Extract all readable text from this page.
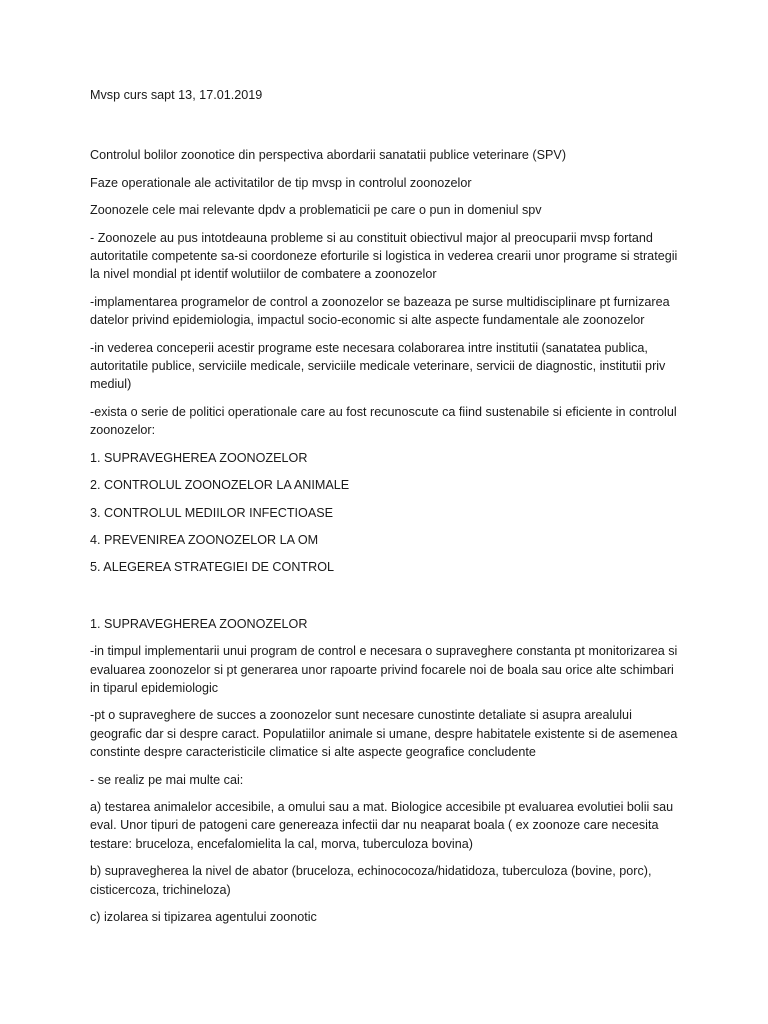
Mvsp curs sapt 13, 17.01.2019

Controlul bolilor zoonotice din perspectiva abordarii sanatatii publice veterinare (SPV)

Faze operationale ale activitatilor de tip mvsp in controlul zoonozelor

Zoonozele cele mai relevante dpdv a problematicii pe care o pun in domeniul spv

- Zoonozele au pus intotdeauna probleme si au constituit obiectivul major al preocuparii mvsp fortand autoritatile competente sa-si coordoneze eforturile si logistica in vederea crearii unor programe si strategii la nivel mondial pt identif wolutiilor de combatere a zoonozelor

-implamentarea programelor de control a zoonozelor se bazeaza pe surse multidisciplinare pt furnizarea datelor privind epidemiologia, impactul socio-economic si alte aspecte fundamentale ale zoonozelor

-in vederea conceperii acestir programe este necesara colaborarea intre institutii (sanatatea publica, autoritatile publice, serviciile medicale, serviciile medicale veterinare, servicii de diagnostic, institutii priv mediul)

-exista o serie de politici operationale care au fost recunoscute ca fiind sustenabile si eficiente in controlul zoonozelor:

1. SUPRAVEGHEREA ZOONOZELOR

2. CONTROLUL ZOONOZELOR LA ANIMALE

3. CONTROLUL MEDIILOR INFECTIOASE

4. PREVENIREA ZOONOZELOR LA OM

5. ALEGEREA STRATEGIEI DE CONTROL

1. SUPRAVEGHEREA ZOONOZELOR

-in timpul implementarii unui program de control e necesara o supraveghere constanta pt monitorizarea si evaluarea zoonozelor si pt generarea unor rapoarte privind focarele noi de boala sau orice alte schimbari in tiparul epidemiologic

-pt o supraveghere de succes a zoonozelor sunt necesare cunostinte detaliate si asupra arealului geografic dar si despre caract. Populatiilor animale si umane, despre habitatele existente si de asemenea constinte despre caracteristicile climatice si alte aspecte geografice concludente

- se realiz pe mai multe cai:

a) testarea animalelor accesibile, a omului sau a mat. Biologice accesibile pt evaluarea evolutiei bolii sau eval. Unor tipuri de patogeni care genereaza infectii dar nu neaparat boala ( ex zoonoze care necesita testare: bruceloza, encefalomielita la cal, morva, tuberculoza bovina)

b) supravegherea la nivel de abator (bruceloza, echinococoza/hidatidoza, tuberculoza (bovine, porc), cisticercoza, trichineloza)

c) izolarea si tipizarea agentului zoonotic
